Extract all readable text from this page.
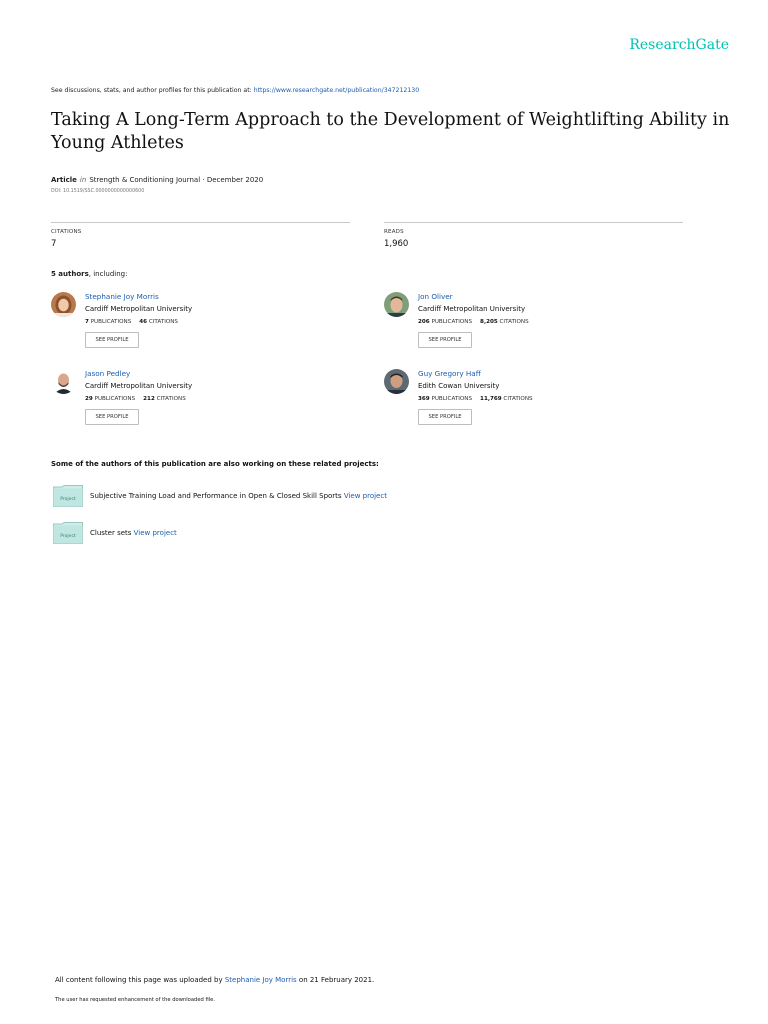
ResearchGate
See discussions, stats, and author profiles for this publication at: https://www.researchgate.net/publication/347212130
Taking A Long-Term Approach to the Development of Weightlifting Ability in Young Athletes
Article in Strength & Conditioning Journal · December 2020
DOI: 10.1519/SSC.0000000000000600
CITATIONS
7
READS
1,960
5 authors, including:
Stephanie Joy Morris
Cardiff Metropolitan University
7 PUBLICATIONS 46 CITATIONS
SEE PROFILE
Jon Oliver
Cardiff Metropolitan University
206 PUBLICATIONS 8,205 CITATIONS
SEE PROFILE
Jason Pedley
Cardiff Metropolitan University
29 PUBLICATIONS 212 CITATIONS
SEE PROFILE
Guy Gregory Haff
Edith Cowan University
369 PUBLICATIONS 11,769 CITATIONS
SEE PROFILE
Some of the authors of this publication are also working on these related projects:
Project Subjective Training Load and Performance in Open & Closed Skill Sports View project
Project Cluster sets View project
All content following this page was uploaded by Stephanie Joy Morris on 21 February 2021.
The user has requested enhancement of the downloaded file.
